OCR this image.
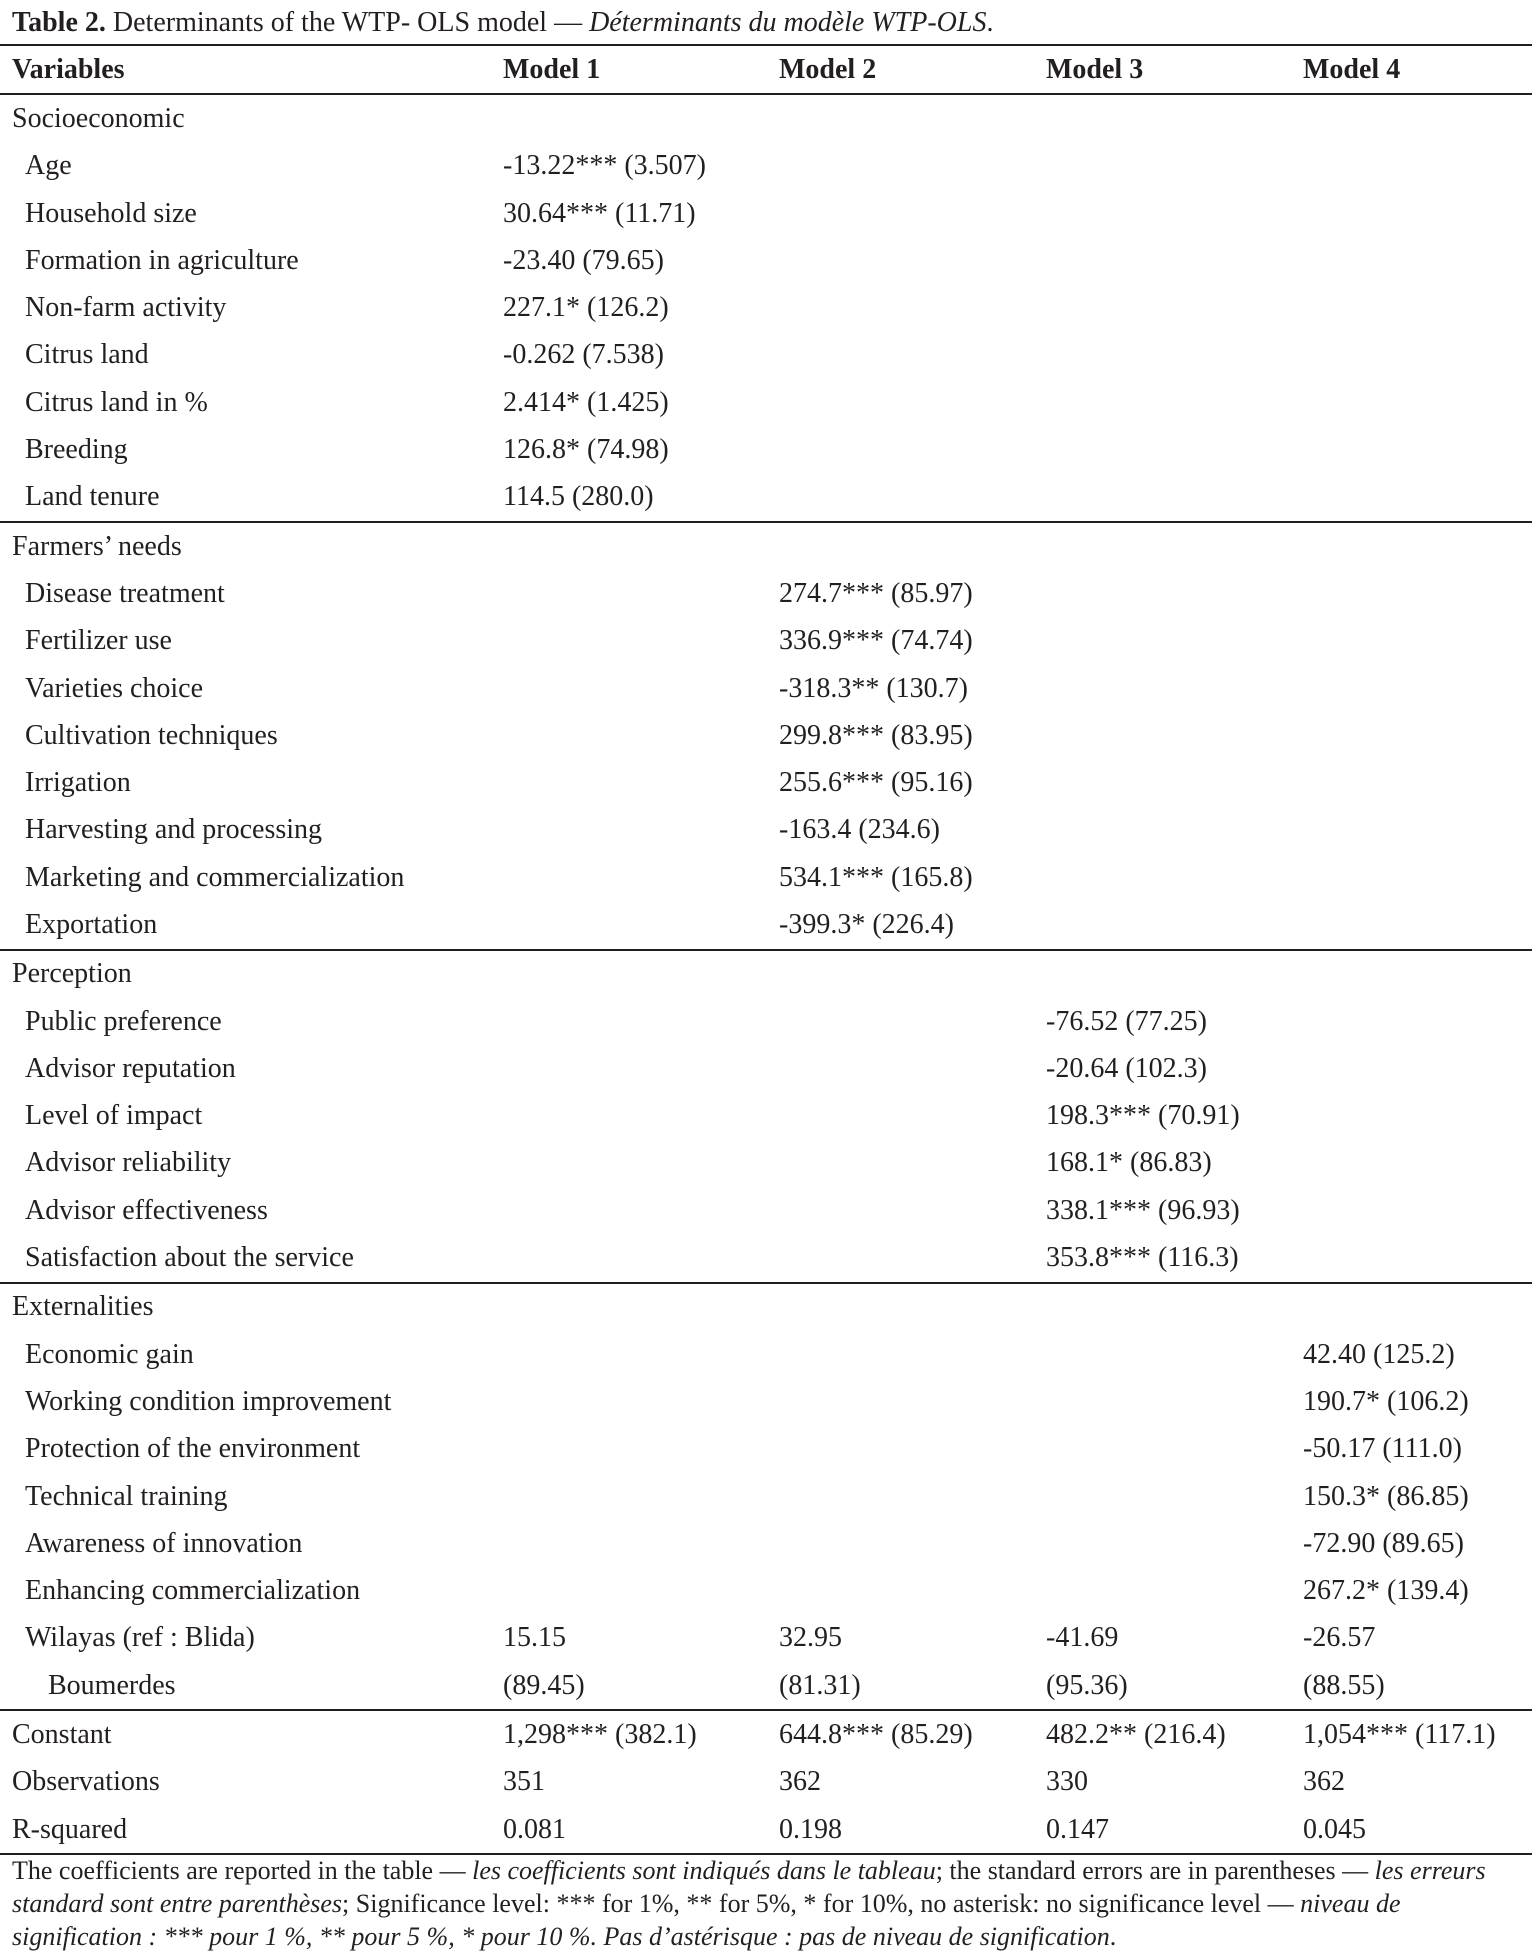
Table 2. Determinants of the WTP- OLS model — Déterminants du modèle WTP-OLS.
Variables	Model 1	Model 2	Model 3	Model 4
Socioeconomic				
Age	-13.22*** (3.507)			
Household size	30.64*** (11.71)			
Formation in agriculture	-23.40 (79.65)			
Non-farm activity	227.1* (126.2)			
Citrus land	-0.262 (7.538)			
Citrus land in %	2.414* (1.425)			
Breeding	126.8* (74.98)			
Land tenure	114.5 (280.0)			
Farmers’ needs				
Disease treatment		274.7*** (85.97)		
Fertilizer use		336.9*** (74.74)		
Varieties choice		-318.3** (130.7)		
Cultivation techniques		299.8*** (83.95)		
Irrigation		255.6*** (95.16)		
Harvesting and processing		-163.4 (234.6)		
Marketing and commercialization		534.1*** (165.8)		
Exportation		-399.3* (226.4)		
Perception				
Public preference			-76.52 (77.25)	
Advisor reputation			-20.64 (102.3)	
Level of impact			198.3*** (70.91)	
Advisor reliability			168.1* (86.83)	
Advisor effectiveness			338.1*** (96.93)	
Satisfaction about the service			353.8*** (116.3)	
Externalities				
Economic gain				42.40 (125.2)
Working condition improvement				190.7* (106.2)
Protection of the environment				-50.17 (111.0)
Technical training				150.3* (86.85)
Awareness of innovation				-72.90 (89.65)
Enhancing commercialization				267.2* (139.4)
Wilayas (ref : Blida)	15.15	32.95	-41.69	-26.57
Boumerdes	(89.45)	(81.31)	(95.36)	(88.55)
Constant	1,298*** (382.1)	644.8*** (85.29)	482.2** (216.4)	1,054*** (117.1)
Observations	351	362	330	362
R-squared	0.081	0.198	0.147	0.045
The coefficients are reported in the table — les coefficients sont indiqués dans le tableau; the standard errors are in parentheses — les erreurs standard sont entre parenthèses; Significance level: *** for 1%, ** for 5%, * for 10%, no asterisk: no significance level — niveau de signification : *** pour 1 %, ** pour 5 %, * pour 10 %. Pas d’astérisque : pas de niveau de signification.
